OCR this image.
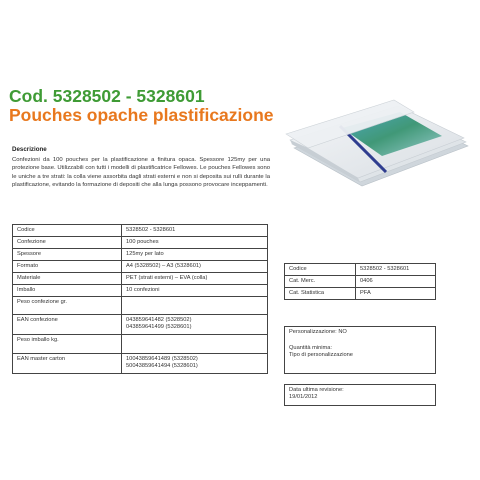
Cod. 5328502 - 5328601
Pouches opache plastificazione
Descrizione

Confezioni da 100 pouches per la plastificazione a finitura opaca. Spessore 125my per una protezione base. Utilizzabili con tutti i modelli di plastificatrice Fellowes. Le pouches Fellowes sono le uniche a tre strati: la colla viene assorbita dagli strati esterni e non si deposita sui rulli durante la plastificazione, evitando la formazione di depositi che alla lunga possono provocare inceppamenti.

Codice	5328502 - 5328601
Confezione	100 pouches
Spessore	125my per lato
Formato	A4 (5328502) – A3 (5328601)
Materiale	PET (strati esterni) – EVA (colla)
Imballo	10 confezioni
Peso confezione gr.	
EAN confezione	043859641482 (5328502)
043859641499 (5328601)

Peso imballo kg.	
EAN master carton	10043859641489 (5328502)
50043859641494 (5328601)
Codice	5328502 - 5328601
Cat. Merc.	0406
Cat. Statistica	PFA

Personalizzazione: NO

Quantità minima:

Tipo di personalizzazione

Data ultima revisione:

19/01/2012
